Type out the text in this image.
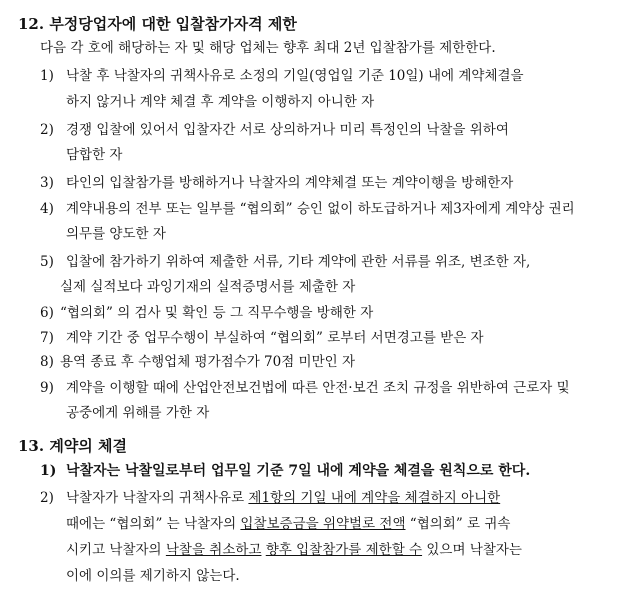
12. 부정당업자에 대한 입찰참가자격 제한
다음 각 호에 해당하는 자 및 해당 업체는 향후 최대 2년 입찰참가를 제한한다.
1) 낙찰 후 낙찰자의 귀책사유로 소정의 기일(영업일 기준 10일) 내에 계약체결을
하지 않거나 계약 체결 후 계약을 이행하지 아니한 자
2) 경쟁 입찰에 있어서 입찰자간 서로 상의하거나 미리 특정인의 낙찰을 위하여
담합한 자
3) 타인의 입찰참가를 방해하거나 낙찰자의 계약체결 또는 계약이행을 방해한자
4) 계약내용의 전부 또는 일부를 “협의회” 승인 없이 하도급하거나 제3자에게 계약상 권리
의무를 양도한 자
5) 입찰에 참가하기 위하여 제출한 서류, 기타 계약에 관한 서류를 위조, 변조한 자,
실제 실적보다 과잉기재의 실적증명서를 제출한 자
6) “협의회” 의 검사 및 확인 등 그 직무수행을 방해한 자
7) 계약 기간 중 업무수행이 부실하여 “협의회” 로부터 서면경고를 받은 자
8) 용역 종료 후 수행업체 평가점수가 70점 미만인 자
9) 계약을 이행할 때에 산업안전보건법에 따른 안전·보건 조치 규정을 위반하여 근로자 및
공중에게 위해를 가한 자
13. 계약의 체결
1) 낙찰자는 낙찰일로부터 업무일 기준 7일 내에 계약을 체결을 원칙으로 한다.
2) 낙찰자가 낙찰자의 귀책사유로 제1항의 기일 내에 계약을 체결하지 아니한
때에는 “협의회” 는 낙찰자의 입찰보증금을 위약벌로 전액 “협의회” 로 귀속
시키고 낙찰자의 낙찰을 취소하고 향후 입찰참가를 제한할 수 있으며 낙찰자는
이에 이의를 제기하지 않는다.
